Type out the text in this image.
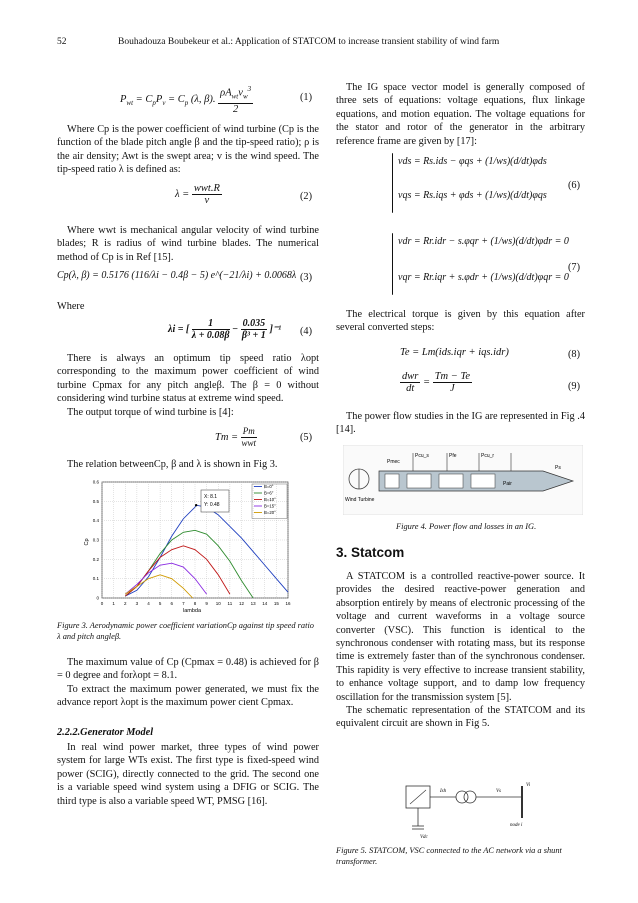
52	Bouhadouza Boubekeur et al.: Application of STATCOM to increase transient stability of wind farm
$P_{wt} = C_pP_v = C_p$ (λ, β). $\frac{\rho A_{wt}v_w^3}{2}$	(1)

Where Cp is the power coefficient of wind turbine (Cp is the function of the blade pitch angle β and the tip-speed ratio); ρ is the air density; Awt is the swept area; v is the wind speed. The tip-speed ratio λ is defined as:

$\lambda = \frac{\text{wwt.R}}{v}$	(2)

Where wwt is mechanical angular velocity of wind turbine blades; R is radius of wind turbine blades. The numerical method of Cp is in Ref [15].

Cp(λ, β) = 0.5176 (116/λi − 0.4β − 5) e^(−21/λi) + 0.0068λ (3)
Where
λi = [ $\frac{1}{\lambda + 0.08\beta} - \frac{0.035}{\text{β³ + 1}} ]^{-1}$ (4)

There is always an optimum tip speed ratio λopt corresponding to the maximum power coefficient of wind turbine Cpmax for any pitch angleβ. The β = 0 without considering wind turbine status at extreme wind speed.

The output torque of wind turbine is [4]:

$Tm = \frac{Pm}{\text{wwt}}$	(5)

The relation betweenCp, β and λ is shown in Fig 3.

0 1 2 3 4 5 6 7 8 9 10 11 12 13 14 15 16
0
0.1
0.2
0.3
0.4
0.5
0.6
B=0°
B=6°
B=10°
B=15°
B=20°
X: 8.1
Y: 0.48
lambda
Cp
Figure 3. Aerodynamic power coefficient variationCp against tip speed ratio λ and pitch angleβ.

The maximum value of Cp (Cpmax = 0.48) is achieved for β = 0 degree and forλopt = 8.1.

To extract the maximum power generated, we must fix the advance report λopt is the maximum power cient Cpmax.

2.2.2.Generator Model

In real wind power market, three types of wind power system for large WTs exist. The first type is fixed-speed wind power (SCIG), directly connected to the grid. The second one is a variable speed wind system using a DFIG or SCIG. The third type is also a variable speed WT, PMSG [16].

The IG space vector model is generally composed of three sets of equations: voltage equations, flux linkage equations, and motion equation. The voltage equations for the stator and rotor of the generator in the arbitrary reference frame are given by [17]:

vds = Rs.ids − φqs + (1/ws)(d/dt)φds
vqs = Rs.iqs + φds + (1/ws)(d/dt)φqs
(6)
vdr = Rr.idr − s.φqr + (1/ws)(d/dt)φdr = 0
vqr = Rr.iqr + s.φdr + (1/ws)(d/dt)φqr = 0
(7)

The electrical torque is given by this equation after several converted steps:

Te = Lm(ids.iqr + iqs.idr)	(8)
$\frac{\text{dwr}}{dt} = \frac{Tm - Te}{J}$	(9)

The power flow studies in the IG are represented in Fig .4 [14].

Wind Turbine
Pmec
Pcu_s	Pfe	Pcu_r
Pair
Ps
Figure 4. Power flow and losses in an IG.
3. Statcom

A STATCOM is a controlled reactive-power source. It provides the desired reactive-power generation and absorption entirely by means of electronic processing of the voltage and current waveforms in a voltage source converter (VSC). This function is identical to the synchronous condenser with rotating mass, but its response time is extremely faster than of the synchronous condenser. This rapidity is very effective to increase transient stability, to enhance voltage support, and to damp low frequency oscillation for the transmission system [5].

The schematic representation of the STATCOM and its equivalent circuit are shown in Fig 5.

Vdc
Ish	Vs
node i
Vi
Figure 5. STATCOM, VSC connected to the AC network via a shunt transformer.
